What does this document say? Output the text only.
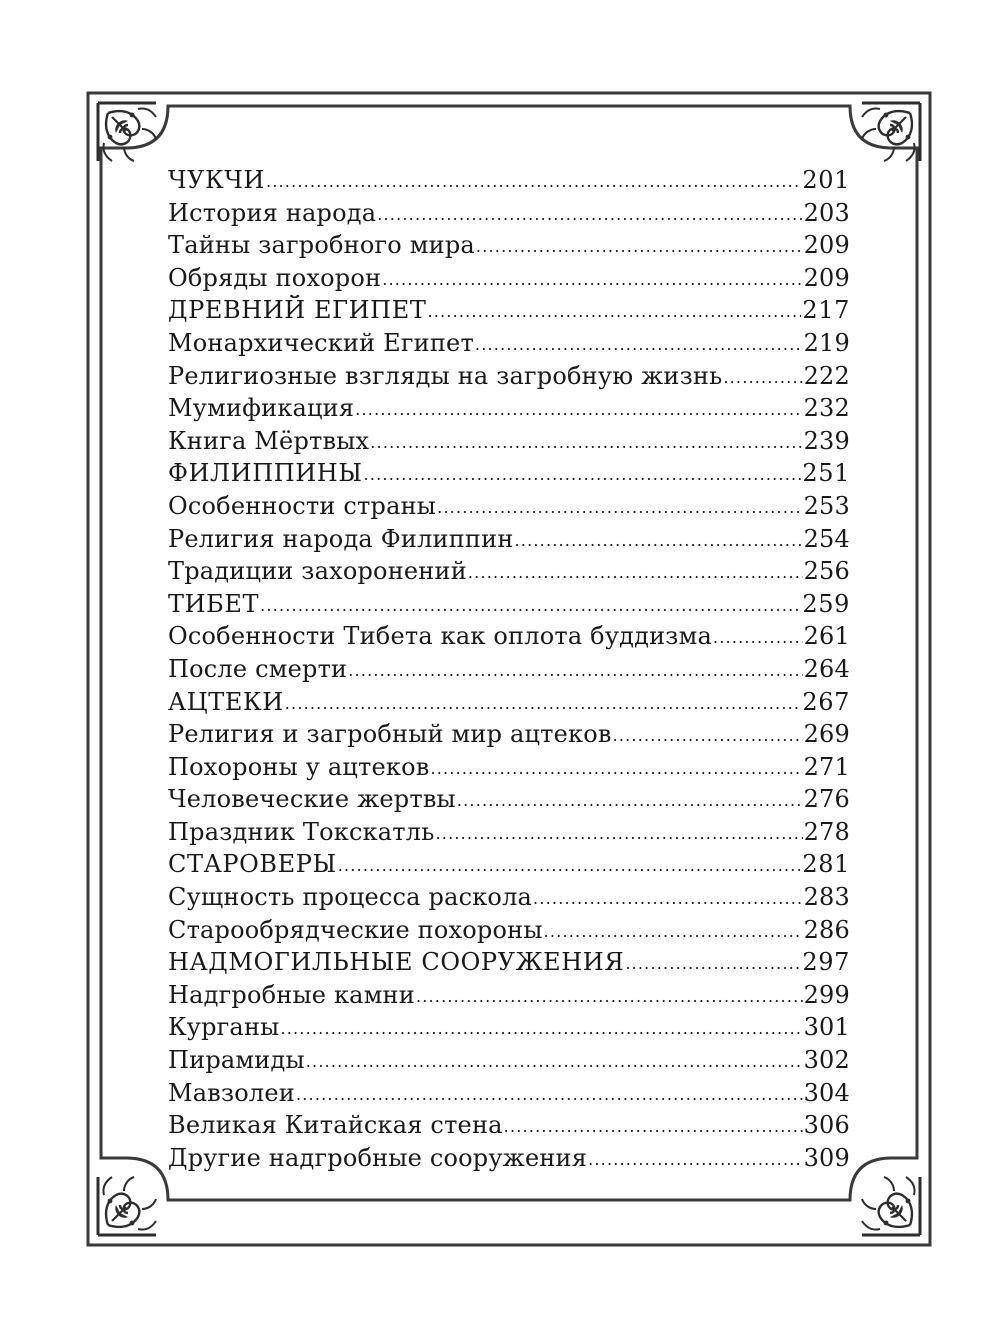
ЧУКЧИ .....	201
История народа .....	203
Тайны загробного мира .....	209
Обряды похорон .....	209
ДРЕВНИЙ ЕГИПЕТ .....	217
Монархический Египет .....	219
Религиозные взгляды на загробную жизнь .....	222
Мумификация .....	232
Книга Мёртвых .....	239
ФИЛИППИНЫ .....	251
Особенности страны .....	253
Религия народа Филиппин .....	254
Традиции захоронений .....	256
ТИБЕТ .....	259
Особенности Тибета как оплота буддизма .....	261
После смерти .....	264
АЦТЕКИ .....	267
Религия и загробный мир ацтеков .....	269
Похороны у ацтеков .....	271
Человеческие жертвы .....	276
Праздник Токскатль .....	278
СТАРОВЕРЫ .....	281
Сущность процесса раскола .....	283
Старообрядческие похороны .....	286
НАДМОГИЛЬНЫЕ СООРУЖЕНИЯ .....	297
Надгробные камни .....	299
Курганы .....	301
Пирамиды .....	302
Мавзолеи .....	304
Великая Китайская стена .....	306
Другие надгробные сооружения .....	309
